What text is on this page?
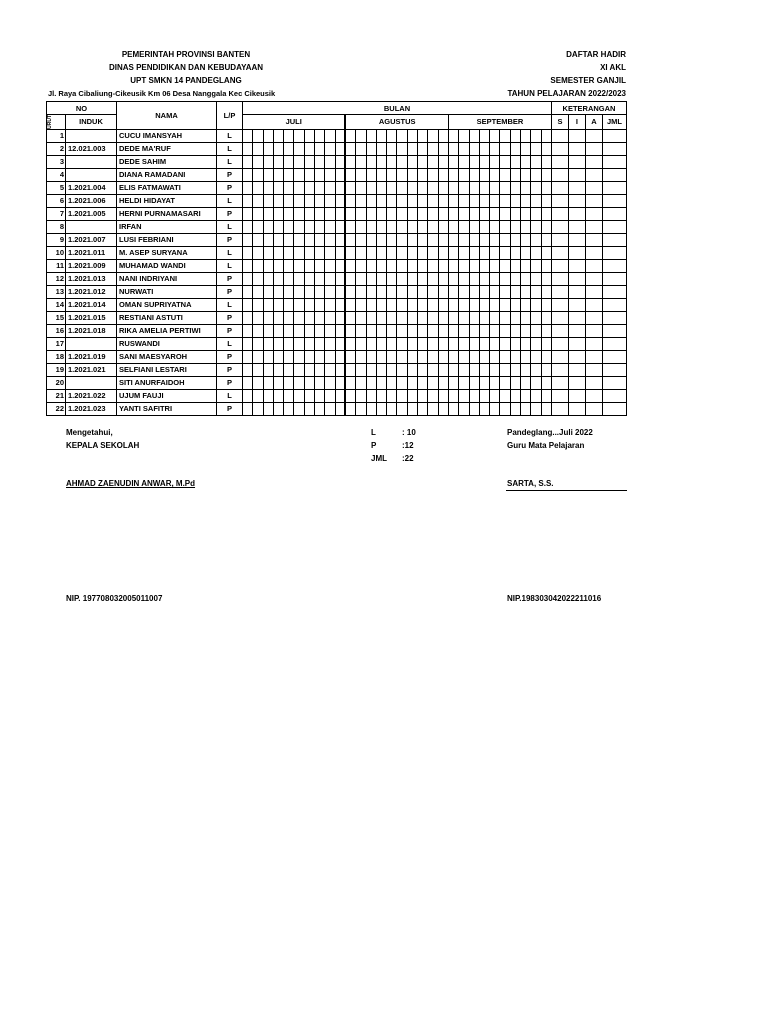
PEMERINTAH PROVINSI BANTEN
DINAS PENDIDIKAN DAN KEBUDAYAAN
UPT SMKN 14 PANDEGLANG
Jl. Raya Cibaliung-Cikeusik Km 06 Desa Nanggala Kec Cikeusik
DAFTAR HADIR
XI AKL
SEMESTER GANJIL
TAHUN PELAJARAN 2022/2023
NO		NAMA	L/P	BULAN																														KETERANGAN			

URUT	INDUK			JULI										AGUSTUS										SEPTEMBER										S	I	A	JML

1		CUCU IMANSYAH	L																																		
2	12.021.003	DEDE MA'RUF	L																																		
3		DEDE SAHIM	L																																		
4		DIANA RAMADANI	P																																		
5	1.2021.004	ELIS FATMAWATI	P																																		
6	1.2021.006	HELDI HIDAYAT	L																																		
7	1.2021.005	HERNI PURNAMASARI	P																																		
8		IRFAN	L																																		
9	1.2021.007	LUSI FEBRIANI	P																																		
10	1.2021.011	M. ASEP SURYANA	L																																		
11	1.2021.009	MUHAMAD WANDI	L																																		
12	1.2021.013	NANI INDRIYANI	P																																		
13	1.2021.012	NURWATI	P																																		
14	1.2021.014	OMAN SUPRIYATNA	L																																		
15	1.2021.015	RESTIANI ASTUTI	P																																		
16	1.2021.018	RIKA AMELIA PERTIWI	P																																		
17		RUSWANDI	L																																		
18	1.2021.019	SANI MAESYAROH	P																																		
19	1.2021.021	SELFIANI LESTARI	P																																		
20		SITI ANURFAIDOH	P																																		
21	1.2021.022	UJUM FAUJI	L																																		
22	1.2021.023	YANTI SAFITRI	P																																		
Mengetahui,
KEPALA SEKOLAH
L	: 10
P	:12
JML :22
Pandeglang...Juli 2022
Guru Mata Pelajaran
AHMAD ZAENUDIN ANWAR, M.Pd	SARTA, S.S.
NIP. 197708032005011007	NIP.198303042022211016
